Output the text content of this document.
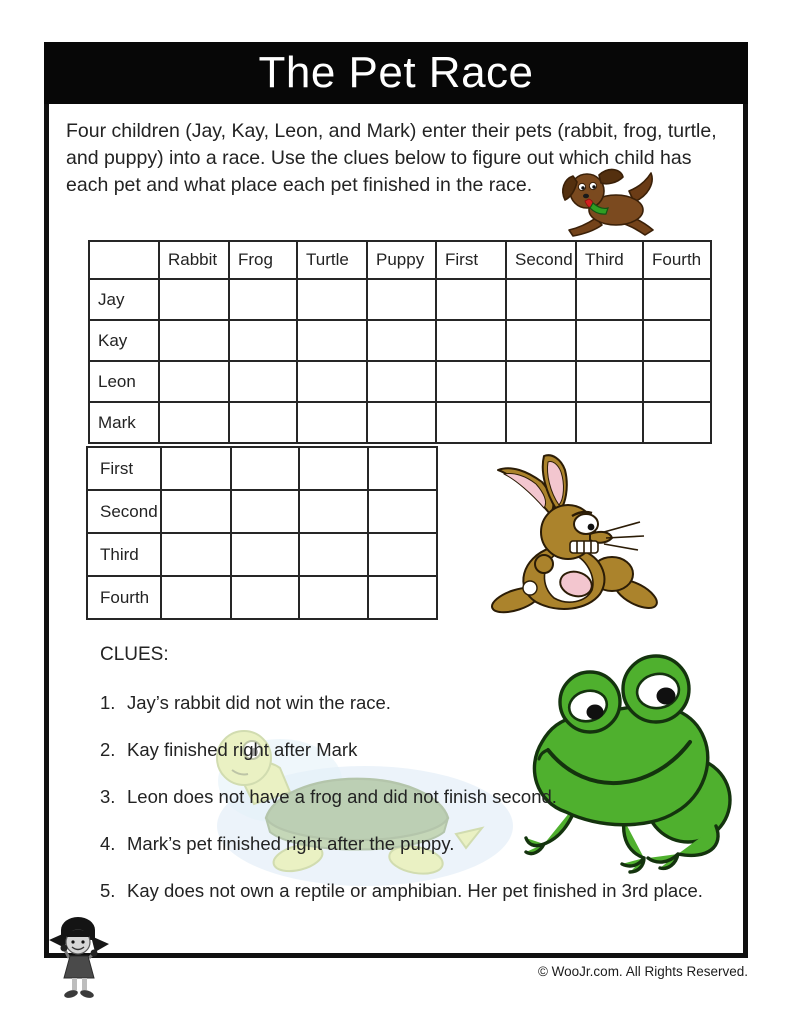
The Pet Race
Four children (Jay, Kay, Leon, and Mark) enter their pets (rabbit, frog, turtle, and puppy) into a race. Use the clues below to figure out which child has each pet and what place each pet finished in the race.
	Rabbit	Frog	Turtle	Puppy	First	Second	Third	Fourth
Jay								
Kay								
Leon								
Mark								
First				
Second				
Third				
Fourth				
CLUES:
1. Jay’s rabbit did not win the race.
2. Kay finished right after Mark
3. Leon does not have a frog and did not finish second.
4. Mark’s pet finished right after the puppy.
5. Kay does not own a reptile or amphibian. Her pet finished in 3rd place.
© WooJr.com. All Rights Reserved.
